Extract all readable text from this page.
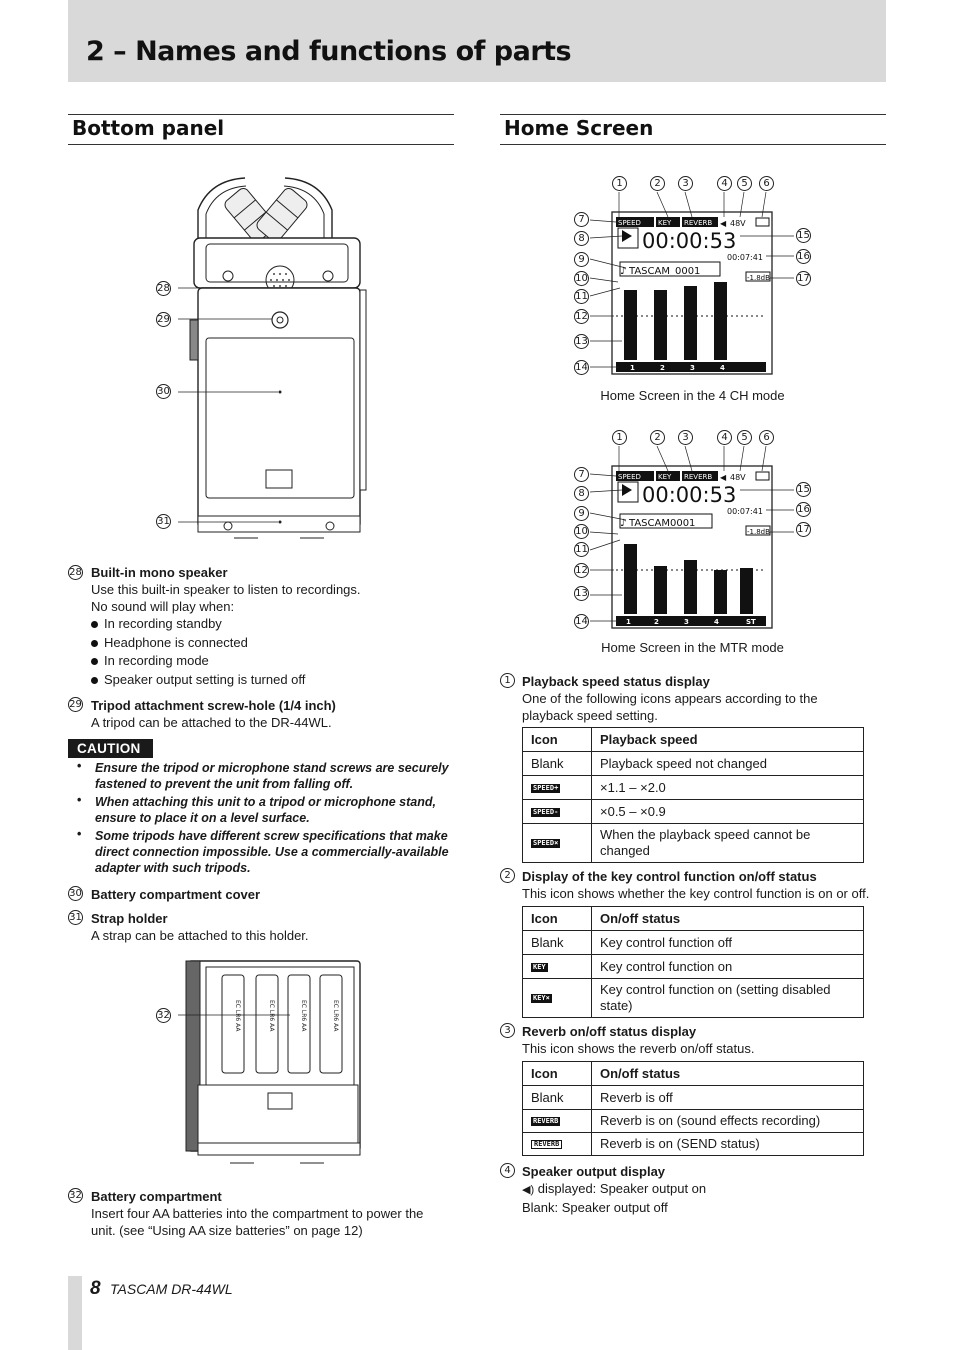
2 – Names and functions of parts
Bottom panel	Home Screen
28
29
30
31
28 Built-in mono speaker
Use this built-in speaker to listen to recordings.
No sound will play when:
In recording standby
Headphone is connected
In recording mode
Speaker output setting is turned off
29 Tripod attachment screw-hole (1/4 inch)
A tripod can be attached to the DR-44WL.
CAUTION
• Ensure the tripod or microphone stand screws are securely fastened to prevent the unit from falling off.
• When attaching this unit to a tripod or microphone stand, ensure to place it on a level surface.
• Some tripods have different screw specifications that make direct connection impossible. Use a commercially-available adapter with such tripods.
30 Battery compartment cover
31 Strap holder
A strap can be attached to this holder.
EC LR6 AA	EC LR6 AA	EC LR6 AA	EC LR6 AA
32
32 Battery compartment
Insert four AA batteries into the compartment to power the
unit. (see “Using AA size batteries” on page 12)
SPEED KEY REVERB ◀ 48V
00:00:53
00:07:41
♪ TASCAM_0001
-1.8dB
1	2	3	4
1	2	3	4	5	6
7
8
9
10
11
12
13
14
15
16
17
Home Screen in the 4 CH mode
SPEED KEY REVERB ◀ 48V
00:00:53
00:07:41
♪ TASCAM0001
-1.8dB
1	2	3	4	ST
1	2	3	4	5	6
7
8
9
10
11
12
13
14
15
16
17
Home Screen in the MTR mode
1 Playback speed status display
One of the following icons appears according to the
playback speed setting.
Icon	Playback speed
Blank	Playback speed not changed
SPEED+	×1.1 – ×2.0
SPEED-	×0.5 – ×0.9
SPEED×	When the playback speed cannot be changed
2 Display of the key control function on/off status
This icon shows whether the key control function is on or off.
Icon	On/off status
Blank	Key control function off
KEY	Key control function on
KEY×	Key control function on (setting disabled state)
3 Reverb on/off status display
This icon shows the reverb on/off status.
Icon	On/off status
Blank	Reverb is off
REVERB	Reverb is on (sound effects recording)
REVERB	Reverb is on (SEND status)
4 Speaker output display
◀) displayed: Speaker output on
Blank: Speaker output off
8 TASCAM DR-44WL
